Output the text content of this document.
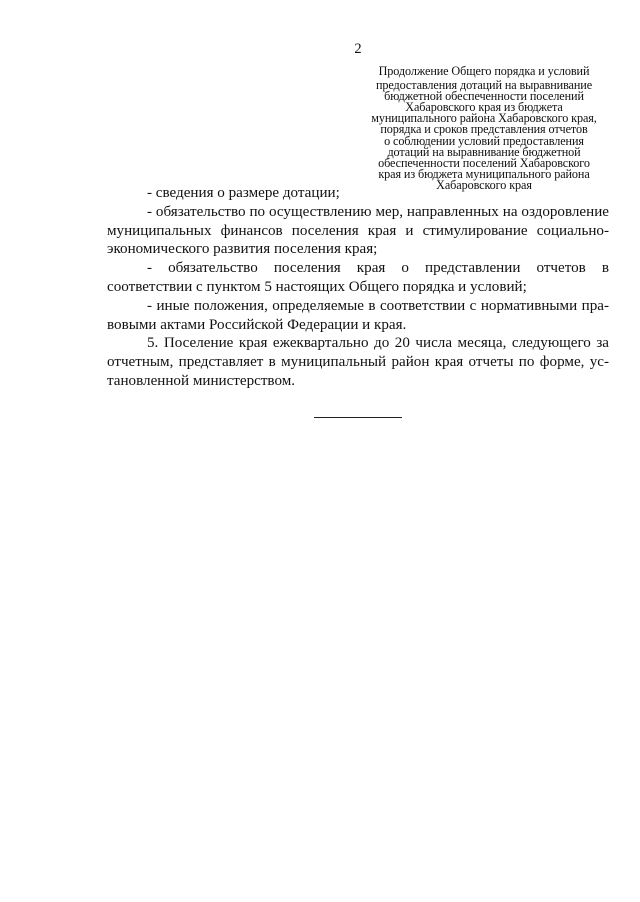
2
Продолжение Общего порядка и условий
предоставления дотаций на выравнивание
бюджетной обеспеченности поселений
Хабаровского края из бюджета
муниципального района Хабаровского края,
порядка и сроков представления отчетов
о соблюдении условий предоставления
дотаций на выравнивание бюджетной
обеспеченности поселений Хабаровского
края из бюджета муниципального района
Хабаровского края

- сведения о размере дотации;

- обязательство по осуществлению мер, направленных на оздоровление муниципальных финансов поселения края и стимулирование социально-экономического развития поселения края;

- обязательство поселения края о представлении отчетов в соответствии с пунктом 5 настоящих Общего порядка и условий;

- иные положения, определяемые в соответствии с нормативными правовыми актами Российской Федерации и края.

5. Поселение края ежеквартально до 20 числа месяца, следующего за отчетным, представляет в муниципальный район края отчеты по форме, установленной министерством.
